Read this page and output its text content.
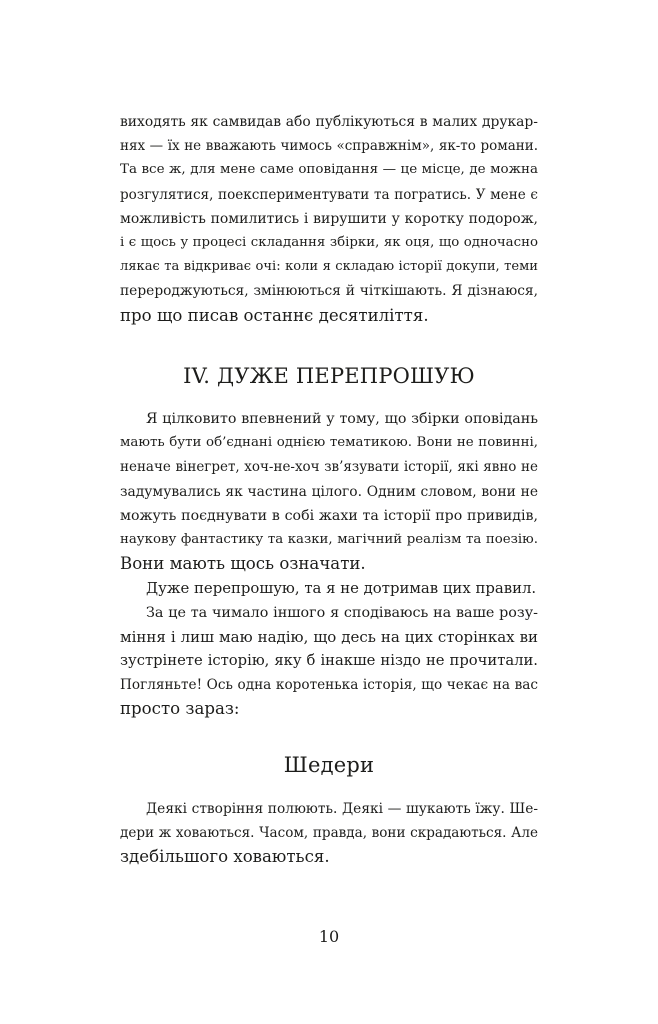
виходять як самвидав або публікуються в малих друкар-
нях — їх не вважають чимось «справжнім», як-то романи.
Та все ж, для мене саме оповідання — це місце, де можна
розгулятися, поекспериментувати та погратись. У мене є
можливість помилитись і вирушити у коротку подорож,
і є щось у процесі складання збірки, як оця, що одночасно
лякає та відкриває очі: коли я складаю історії докупи, теми
перероджуються, змінюються й чіткішають. Я дізнаюся,
про що писав останнє десятиліття.
IV. ДУЖЕ ПЕРЕПРОШУЮ
Я цілковито впевнений у тому, що збірки оповідань
мають бути об’єднані однією тематикою. Вони не повинні,
неначе вінегрет, хоч-не-хоч зв’язувати історії, які явно не
задумувались як частина цілого. Одним словом, вони не
можуть поєднувати в собі жахи та історії про привидів,
наукову фантастику та казки, магічний реалізм та поезію.
Вони мають щось означати.
Дуже перепрошую, та я не дотримав цих правил.
За це та чимало іншого я сподіваюсь на ваше розу-
міння і лиш маю надію, що десь на цих сторінках ви
зустрінете історію, яку б інакше ніздо не прочитали.
Погляньте! Ось одна коротенька історія, що чекає на вас
просто зараз:
Шедери
Деякі створіння полюють. Деякі — шукають їжу. Ше-
дери ж ховаються. Часом, правда, вони скрадаються. Але
здебільшого ховаються.
10
